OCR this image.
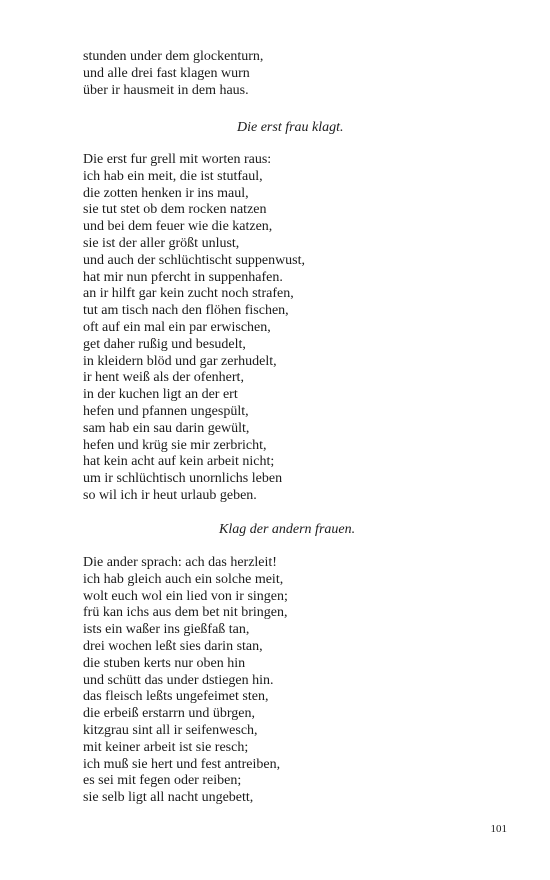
stunden under dem glockenturn,
und alle drei fast klagen wurn
über ir hausmeit in dem haus.
Die erst frau klagt.
Die erst fur grell mit worten raus:
ich hab ein meit, die ist stutfaul,
die zotten henken ir ins maul,
sie tut stet ob dem rocken natzen
und bei dem feuer wie die katzen,
sie ist der aller größt unlust,
und auch der schlüchtischt suppenwust,
hat mir nun pfercht in suppenhafen.
an ir hilft gar kein zucht noch strafen,
tut am tisch nach den flöhen fischen,
oft auf ein mal ein par erwischen,
get daher rußig und besudelt,
in kleidern blöd und gar zerhudelt,
ir hent weiß als der ofenhert,
in der kuchen ligt an der ert
hefen und pfannen ungespült,
sam hab ein sau darin gewült,
hefen und krüg sie mir zerbricht,
hat kein acht auf kein arbeit nicht;
um ir schlüchtisch unornlichs leben
so wil ich ir heut urlaub geben.
Klag der andern frauen.
Die ander sprach: ach das herzleit!
ich hab gleich auch ein solche meit,
wolt euch wol ein lied von ir singen;
frü kan ichs aus dem bet nit bringen,
ists ein waßer ins gießfaß tan,
drei wochen leßt sies darin stan,
die stuben kerts nur oben hin
und schütt das under dstiegen hin.
das fleisch leßts ungefeimet sten,
die erbeiß erstarrn und übrgen,
kitzgrau sint all ir seifenwesch,
mit keiner arbeit ist sie resch;
ich muß sie hert und fest antreiben,
es sei mit fegen oder reiben;
sie selb ligt all nacht ungebett,
101
